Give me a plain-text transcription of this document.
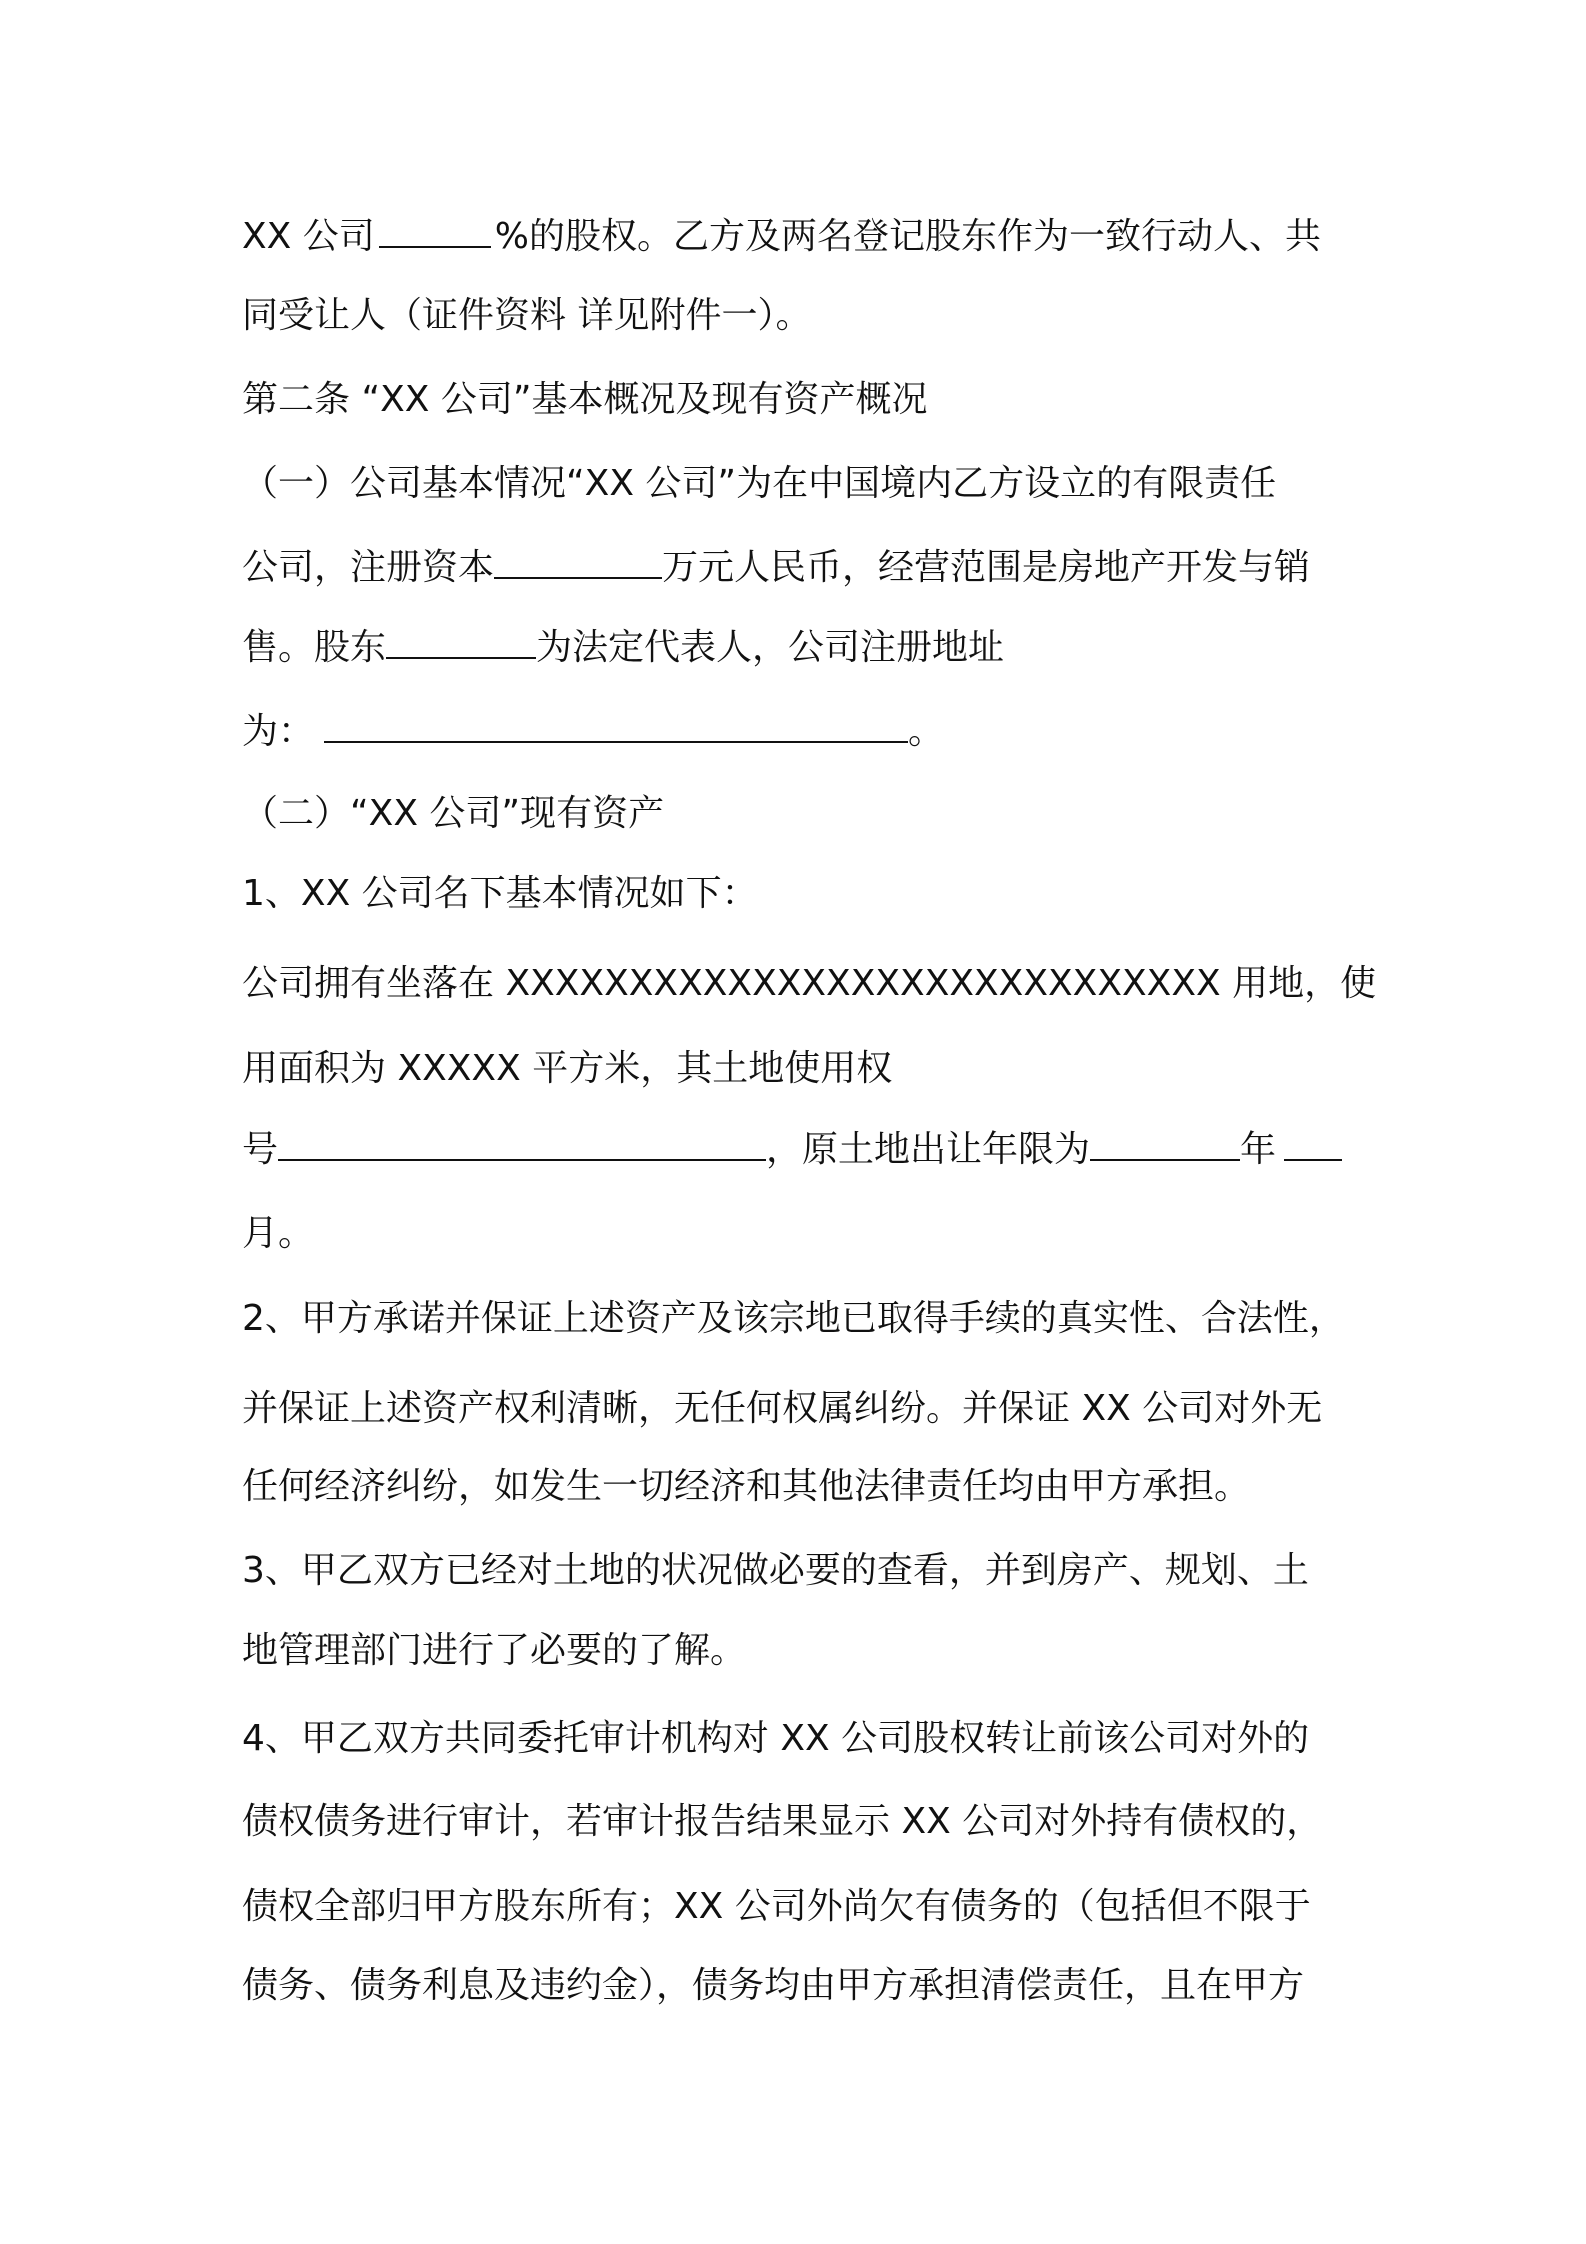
XX 公司	%的股权。乙方及两名登记股东作为一致行动人、共
同受让人（证件资料 详见附件一）。
第二条 “XX 公司”基本概况及现有资产概况
（一）公司基本情况“XX 公司”为在中国境内乙方设立的有限责任
公司，注册资本	万元人民币，经营范围是房地产开发与销
售。股东	为法定代表人，公司注册地址
为：	。
（二）“XX 公司”现有资产
1、XX 公司名下基本情况如下：
公司拥有坐落在 XXXXXXXXXXXXXXXXXXXXXXXXXXXXX 用地，使
用面积为 XXXXX 平方米，其土地使用权
号	，原土地出让年限为	年
月。
2、甲方承诺并保证上述资产及该宗地已取得手续的真实性、合法性，
并保证上述资产权利清晰，无任何权属纠纷。并保证 XX 公司对外无
任何经济纠纷，如发生一切经济和其他法律责任均由甲方承担。
3、甲乙双方已经对土地的状况做必要的查看，并到房产、规划、土
地管理部门进行了必要的了解。
4、甲乙双方共同委托审计机构对 XX 公司股权转让前该公司对外的
债权债务进行审计，若审计报告结果显示 XX 公司对外持有债权的，
债权全部归甲方股东所有；XX 公司外尚欠有债务的（包括但不限于
债务、债务利息及违约金），债务均由甲方承担清偿责任，且在甲方
